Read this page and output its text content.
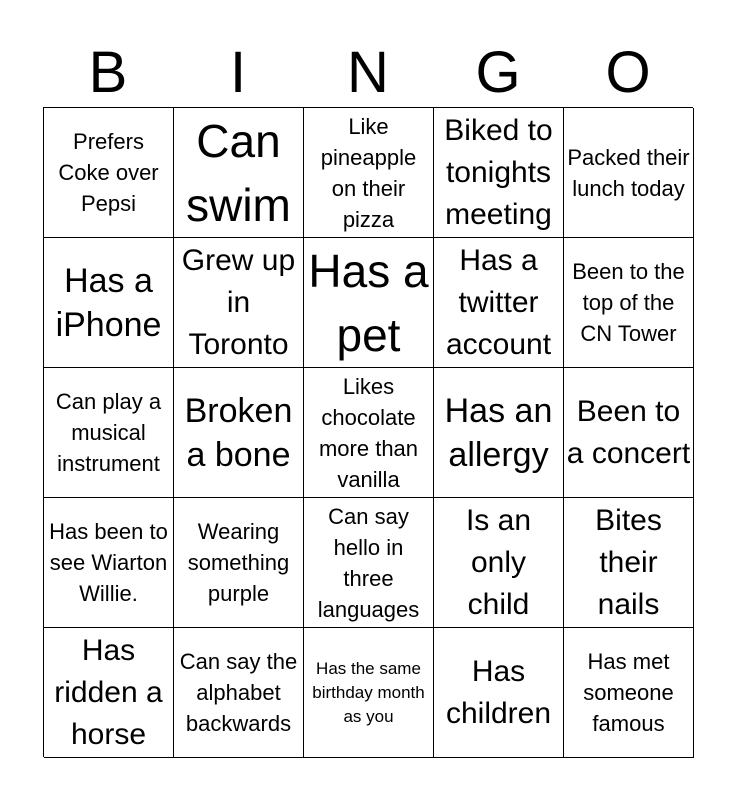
B	I	N	G	O
Prefers Coke over Pepsi
Can swim
Like pineapple on their pizza
Biked to tonights meeting
Packed their lunch today
Has a iPhone
Grew up in Toronto
Has a pet
Has a twitter account
Been to the top of the CN Tower
Can play a musical instrument
Broken a bone
Likes chocolate more than vanilla
Has an allergy
Been to a concert
Has been to see Wiarton Willie.
Wearing something purple
Can say hello in three languages
Is an only child
Bites their nails
Has ridden a horse
Can say the alphabet backwards
Has the same birthday month as you
Has children
Has met someone famous
